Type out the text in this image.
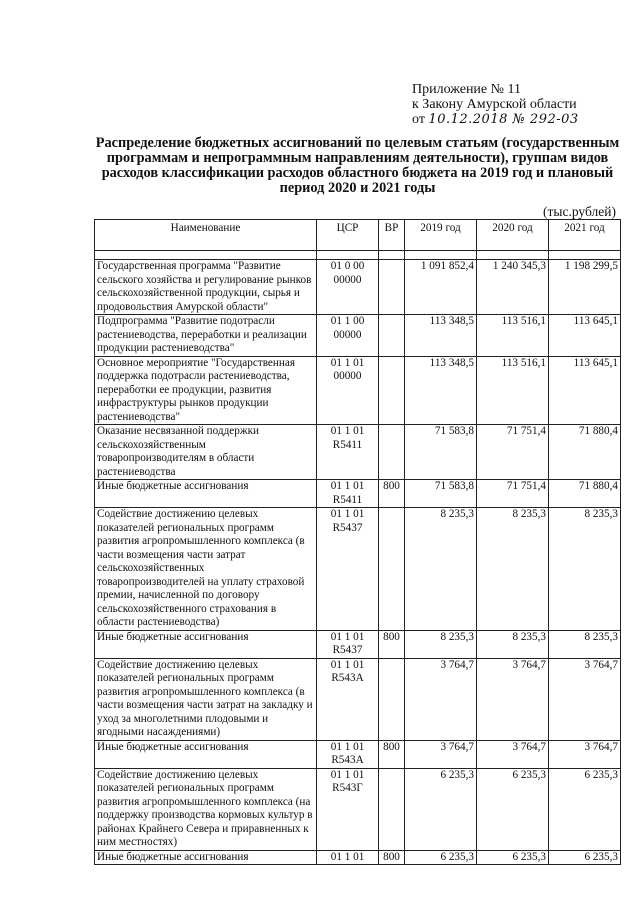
Приложение № 11
к Закону Амурской области
от 10.12.2018 № 292-03
Распределение бюджетных ассигнований по целевым статьям (государственным программам и непрограммным направлениям деятельности), группам видов расходов классификации расходов областного бюджета на 2019 год и плановый период 2020 и 2021 годы
(тыс.рублей)
Наименование	ЦСР	ВР	2019 год	2020 год	2021 год

Государственная программа "Развитие сельского хозяйства и регулирование рынков сельскохозяйственной продукции, сырья и продовольствия Амурской области"	01 0 00 00000		1 091 852,4	1 240 345,3	1 198 299,5
Подпрограмма "Развитие подотрасли растениеводства, переработки и реализации продукции растениеводства"	01 1 00 00000		113 348,5	113 516,1	113 645,1
Основное мероприятие "Государственная поддержка подотрасли растениеводства, переработки ее продукции, развития инфраструктуры рынков продукции растениеводства"	01 1 01 00000		113 348,5	113 516,1	113 645,1
Оказание несвязанной поддержки сельскохозяйственным товаропроизводителям в области растениеводства	01 1 01 R5411		71 583,8	71 751,4	71 880,4
Иные бюджетные ассигнования	01 1 01 R5411	800	71 583,8	71 751,4	71 880,4
Содействие достижению целевых показателей региональных программ развития агропромышленного комплекса (в части возмещения части затрат сельскохозяйственных товаропроизводителей на уплату страховой премии, начисленной по договору сельскохозяйственного страхования в области растениеводства)	01 1 01 R5437		8 235,3	8 235,3	8 235,3
Иные бюджетные ассигнования	01 1 01 R5437	800	8 235,3	8 235,3	8 235,3
Содействие достижению целевых показателей региональных программ развития агропромышленного комплекса (в части возмещения части затрат на закладку и уход за многолетними плодовыми и ягодными насаждениями)	01 1 01 R543A		3 764,7	3 764,7	3 764,7
Иные бюджетные ассигнования	01 1 01 R543A	800	3 764,7	3 764,7	3 764,7
Содействие достижению целевых показателей региональных программ развития агропромышленного комплекса (на поддержку производства кормовых культур в районах Крайнего Севера и приравненных к ним местностях)	01 1 01 R543Г		6 235,3	6 235,3	6 235,3
Иные бюджетные ассигнования	01 1 01	800	6 235,3	6 235,3	6 235,3
